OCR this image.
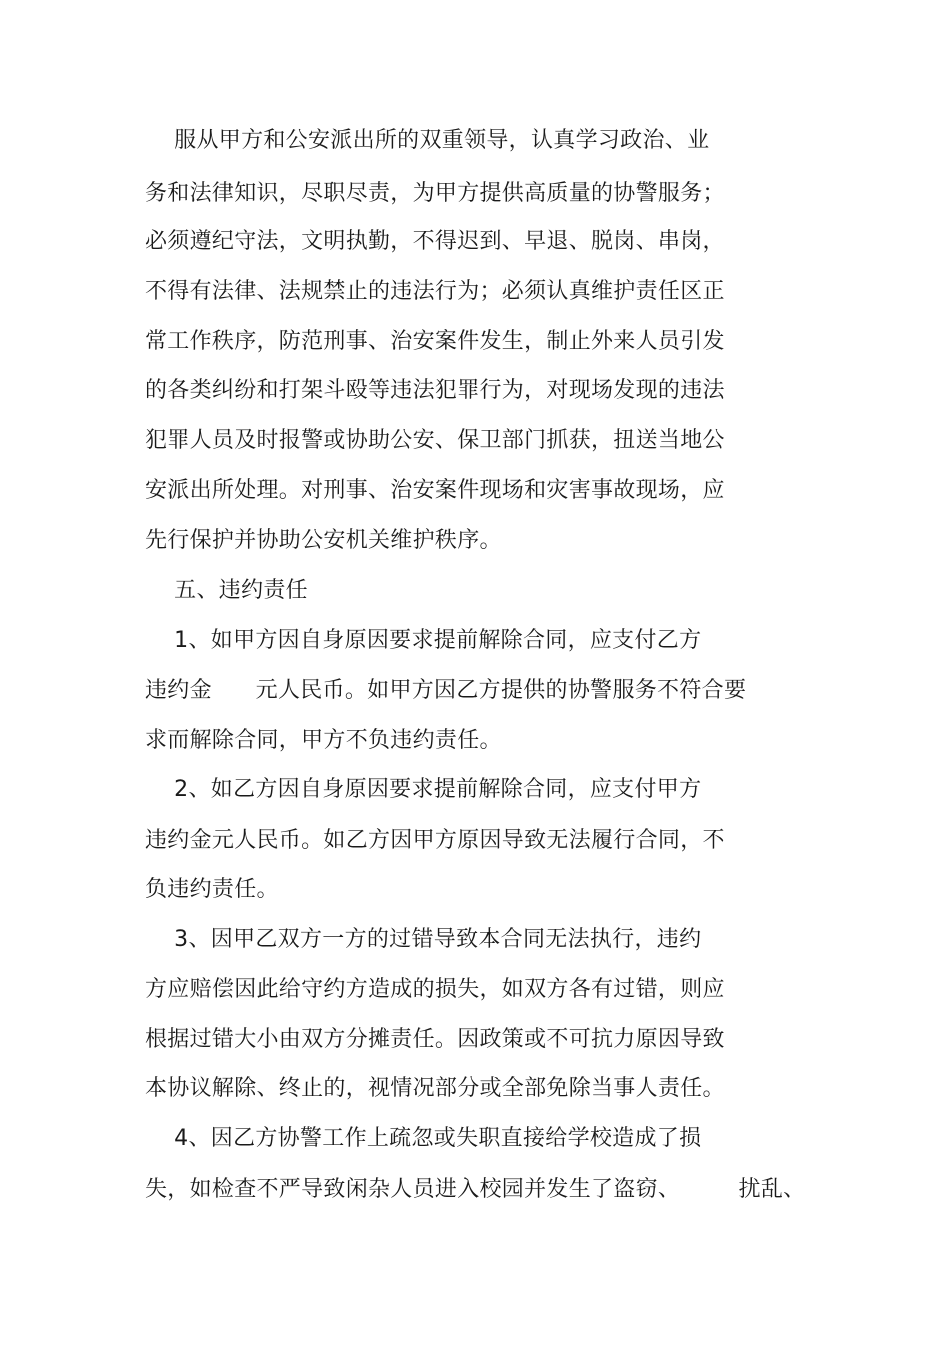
服从甲方和公安派出所的双重领导，认真学习政治、业
务和法律知识，尽职尽责，为甲方提供高质量的协警服务；
必须遵纪守法，文明执勤，不得迟到、早退、脱岗、串岗，
不得有法律、法规禁止的违法行为；必须认真维护责任区正
常工作秩序，防范刑事、治安案件发生，制止外来人员引发
的各类纠纷和打架斗殴等违法犯罪行为，对现场发现的违法
犯罪人员及时报警或协助公安、保卫部门抓获，扭送当地公
安派出所处理。对刑事、治安案件现场和灾害事故现场，应
先行保护并协助公安机关维护秩序。
五、违约责任
1、如甲方因自身原因要求提前解除合同，应支付乙方
违约金      元人民币。如甲方因乙方提供的协警服务不符合要
求而解除合同，甲方不负违约责任。
2、如乙方因自身原因要求提前解除合同，应支付甲方
违约金元人民币。如乙方因甲方原因导致无法履行合同，不
负违约责任。
3、因甲乙双方一方的过错导致本合同无法执行，违约
方应赔偿因此给守约方造成的损失，如双方各有过错，则应
根据过错大小由双方分摊责任。因政策或不可抗力原因导致
本协议解除、终止的，视情况部分或全部免除当事人责任。
4、因乙方协警工作上疏忽或失职直接给学校造成了损
失，如检查不严导致闲杂人员进入校园并发生了盗窃、        扰乱、
